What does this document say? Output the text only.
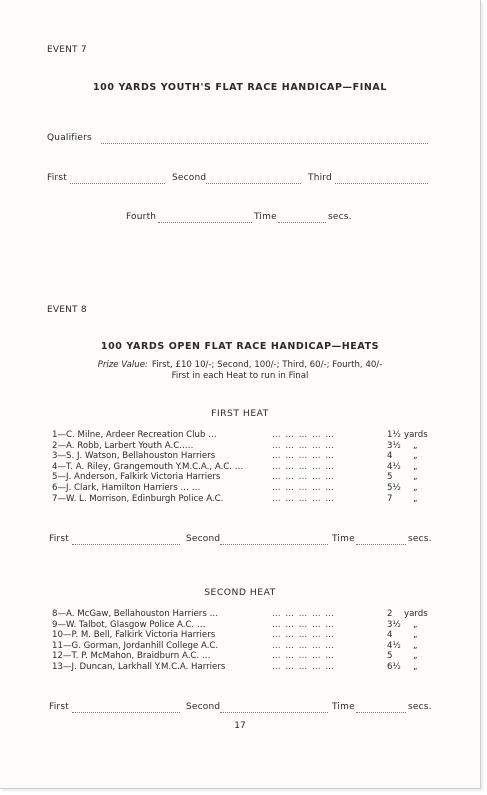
EVENT 7
100 YARDS YOUTH'S FLAT RACE HANDICAP—FINAL
Qualifiers
First	Second	Third
Fourth	Time	secs.
EVENT 8
100 YARDS OPEN FLAT RACE HANDICAP—HEATS
Prize Value: First, £10 10/-; Second, 100/-; Third, 60/-; Fourth, 40/-
First in each Heat to run in Final
FIRST HEAT
1—C. Milne, Ardeer Recreation Club …	… … … … …	1½ yards
2—A. Robb, Larbert Youth A.C.….	… … … … …	3½ „
3—S. J. Watson, Bellahouston Harriers	… … … … …	4	„
4—T. A. Riley, Grangemouth Y.M.C.A., A.C. …	… … … … …	4½ „
5—J. Anderson, Falkirk Victoria Harriers	… … … … …	5	„
6—J. Clark, Hamilton Harriers … …	… … … … …	5½ „
7—W. L. Morrison, Edinburgh Police A.C.	… … … … …	7	„
First	Second	Time	secs.
SECOND HEAT
8—A. McGaw, Bellahouston Harriers …	… … … … …	2	yards
9—W. Talbot, Glasgow Police A.C. …	… … … … …	3½ „
10—P. M. Bell, Falkirk Victoria Harriers	… … … … …	4	„
11—G. Gorman, Jordanhill College A.C.	… … … … …	4½ „
12—T. P. McMahon, Braidburn A.C. …	… … … … …	5	„
13—J. Duncan, Larkhall Y.M.C.A. Harriers	… … … … …	6½ „
First	Second	Time	secs.
17
